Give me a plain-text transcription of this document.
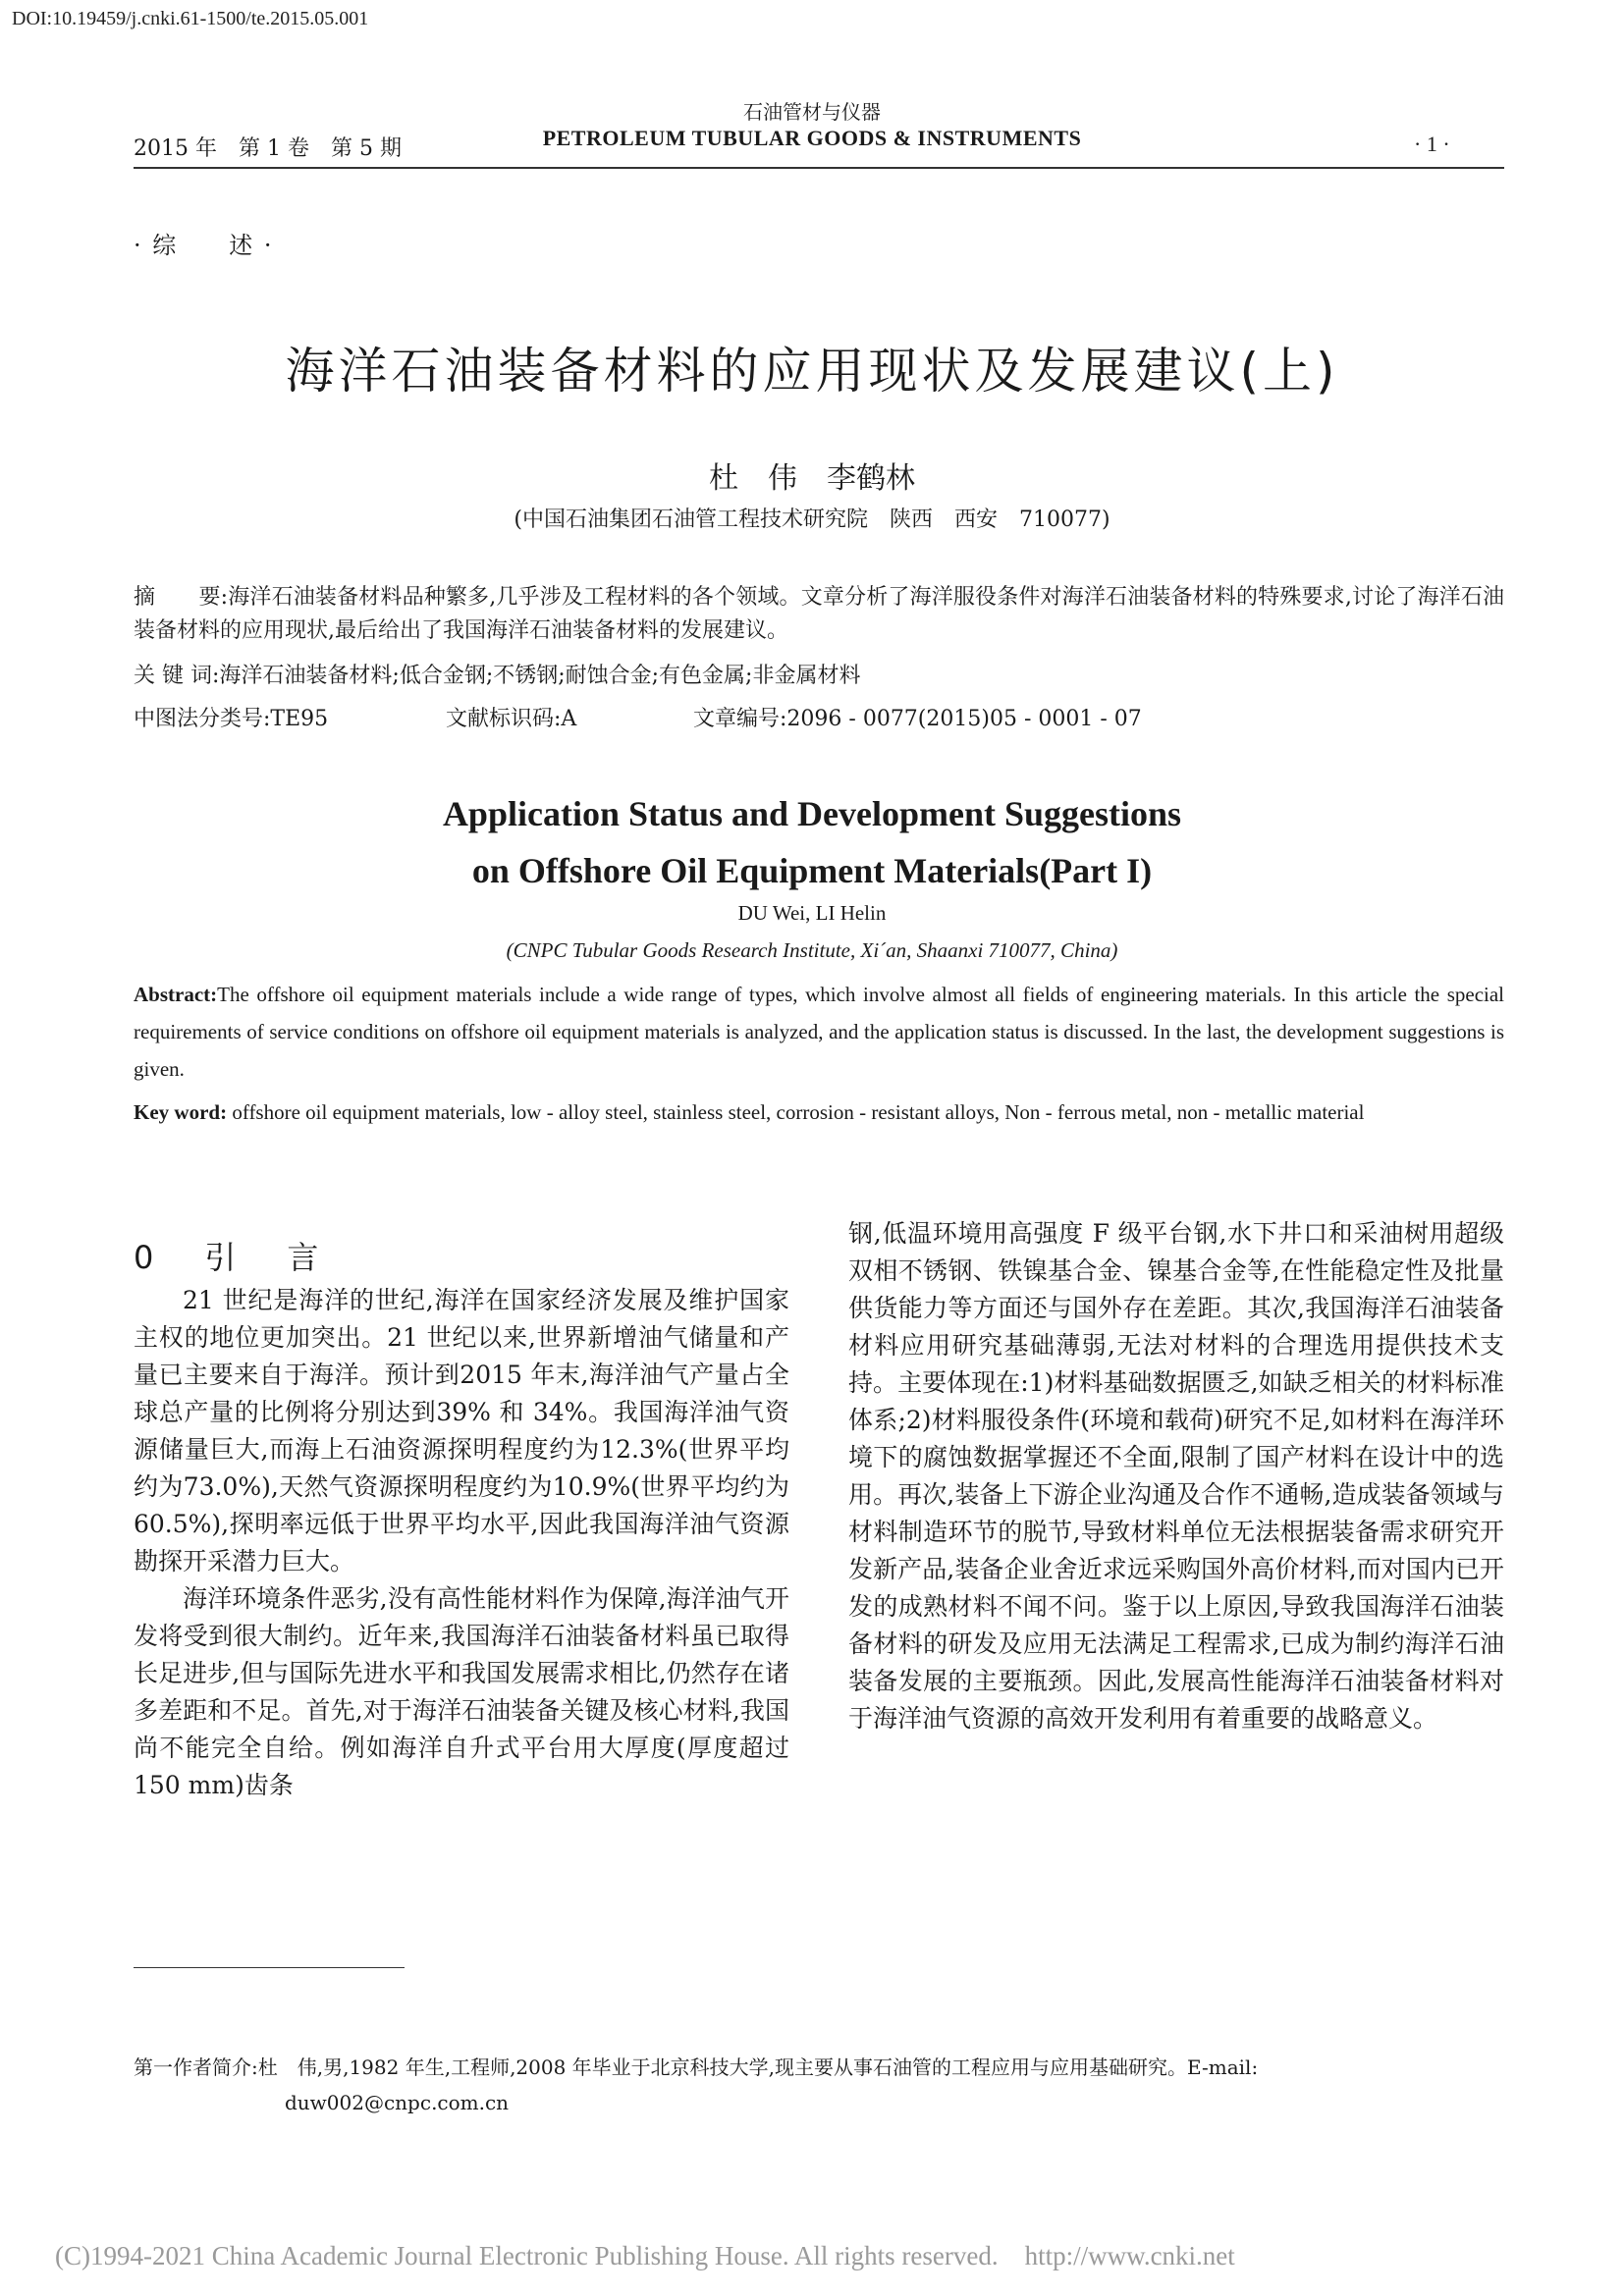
DOI:10.19459/j.cnki.61-1500/te.2015.05.001
石油管材与仪器
PETROLEUM TUBULAR GOODS & INSTRUMENTS
2015 年　第 1 卷　第 5 期	· 1 ·
· 综　　述 ·
海洋石油装备材料的应用现状及发展建议(上)
杜　伟　李鹤林
(中国石油集团石油管工程技术研究院　陕西　西安　710077)
摘　　要:海洋石油装备材料品种繁多,几乎涉及工程材料的各个领域。文章分析了海洋服役条件对海洋石油装备材料的特殊要求,讨论了海洋石油装备材料的应用现状,最后给出了我国海洋石油装备材料的发展建议。
关 键 词:海洋石油装备材料;低合金钢;不锈钢;耐蚀合金;有色金属;非金属材料
中图法分类号:TE95	文献标识码:A	文章编号:2096 - 0077(2015)05 - 0001 - 07
Application Status and Development Suggestions
on Offshore Oil Equipment Materials(Part I)
DU Wei, LI Helin
(CNPC Tubular Goods Research Institute, Xi´an, Shaanxi 710077, China)
Abstract:The offshore oil equipment materials include a wide range of types, which involve almost all fields of engineering materials. In this article the special requirements of service conditions on offshore oil equipment materials is analyzed, and the application status is discussed. In the last, the development suggestions is given.
Key word: offshore oil equipment materials, low - alloy steel, stainless steel, corrosion - resistant alloys, Non - ferrous metal, non - metallic material
0　引　言

21 世纪是海洋的世纪,海洋在国家经济发展及维护国家主权的地位更加突出。21 世纪以来,世界新增油气储量和产量已主要来自于海洋。预计到2015 年末,海洋油气产量占全球总产量的比例将分别达到39% 和 34%。我国海洋油气资源储量巨大,而海上石油资源探明程度约为12.3%(世界平均约为73.0%),天然气资源探明程度约为10.9%(世界平均约为60.5%),探明率远低于世界平均水平,因此我国海洋油气资源勘探开采潜力巨大。

海洋环境条件恶劣,没有高性能材料作为保障,海洋油气开发将受到很大制约。近年来,我国海洋石油装备材料虽已取得长足进步,但与国际先进水平和我国发展需求相比,仍然存在诸多差距和不足。首先,对于海洋石油装备关键及核心材料,我国尚不能完全自给。例如海洋自升式平台用大厚度(厚度超过 150 mm)齿条

钢,低温环境用高强度 F 级平台钢,水下井口和采油树用超级双相不锈钢、铁镍基合金、镍基合金等,在性能稳定性及批量供货能力等方面还与国外存在差距。其次,我国海洋石油装备材料应用研究基础薄弱,无法对材料的合理选用提供技术支持。主要体现在:1)材料基础数据匮乏,如缺乏相关的材料标准体系;2)材料服役条件(环境和载荷)研究不足,如材料在海洋环境下的腐蚀数据掌握还不全面,限制了国产材料在设计中的选用。再次,装备上下游企业沟通及合作不通畅,造成装备领域与材料制造环节的脱节,导致材料单位无法根据装备需求研究开发新产品,装备企业舍近求远采购国外高价材料,而对国内已开发的成熟材料不闻不问。鉴于以上原因,导致我国海洋石油装备材料的研发及应用无法满足工程需求,已成为制约海洋石油装备发展的主要瓶颈。因此,发展高性能海洋石油装备材料对于海洋油气资源的高效开发利用有着重要的战略意义。

第一作者简介:杜　伟,男,1982 年生,工程师,2008 年毕业于北京科技大学,现主要从事石油管的工程应用与应用基础研究。E-mail:
duw002@cnpc.com.cn
(C)1994-2021 China Academic Journal Electronic Publishing House. All rights reserved.　http://www.cnki.net
